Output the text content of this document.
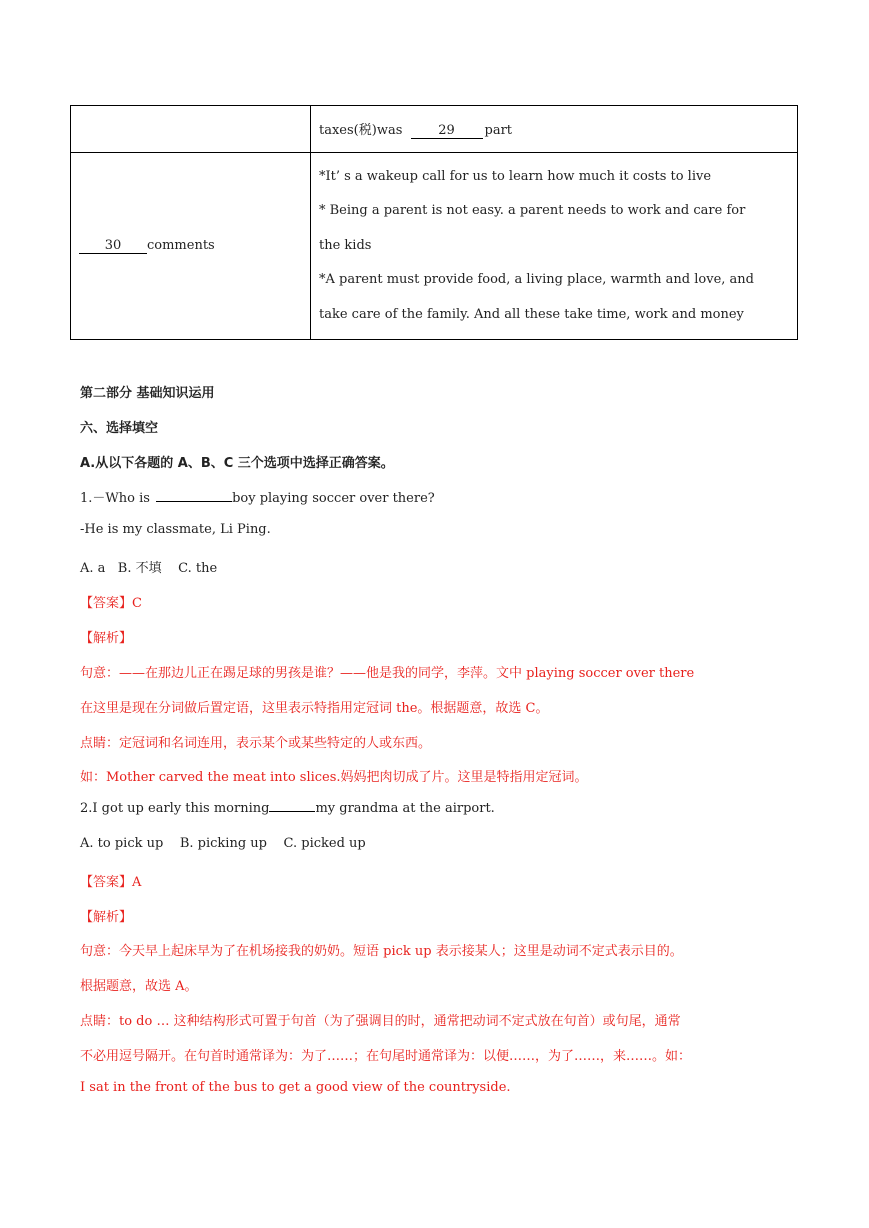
	taxes(税)was 29 part
30 comments	*It’ s a wakeup call for us to learn how much it costs to live

* Being a parent is not easy. a parent needs to work and care for

the kids

*A parent must provide food, a living place, warmth and love, and

take care of the family. And all these take time, work and money

第二部分 基础知识运用
六、选择填空
A.从以下各题的 A、B、C 三个选项中选择正确答案。
1.－Who is	boy playing soccer over there?
-He is my classmate, Li Ping.
A. a   B. 不填    C. the
【答案】C
【解析】
句意：——在那边儿正在踢足球的男孩是谁？——他是我的同学，李萍。文中 playing soccer over there
在这里是现在分词做后置定语，这里表示特指用定冠词 the。根据题意，故选 C。
点睛：定冠词和名词连用，表示某个或某些特定的人或东西。
如：Mother carved the meat into slices.妈妈把肉切成了片。这里是特指用定冠词。
2.I got up early this morning	my grandma at the airport.
A. to pick up    B. picking up    C. picked up
【答案】A
【解析】
句意：今天早上起床早为了在机场接我的奶奶。短语 pick up 表示接某人；这里是动词不定式表示目的。
根据题意，故选 A。
点睛：to do … 这种结构形式可置于句首（为了强调目的时，通常把动词不定式放在句首）或句尾，通常
不必用逗号隔开。在句首时通常译为：为了……；在句尾时通常译为：以便……，为了……，来……。如：
I sat in the front of the bus to get a good view of the countryside.
